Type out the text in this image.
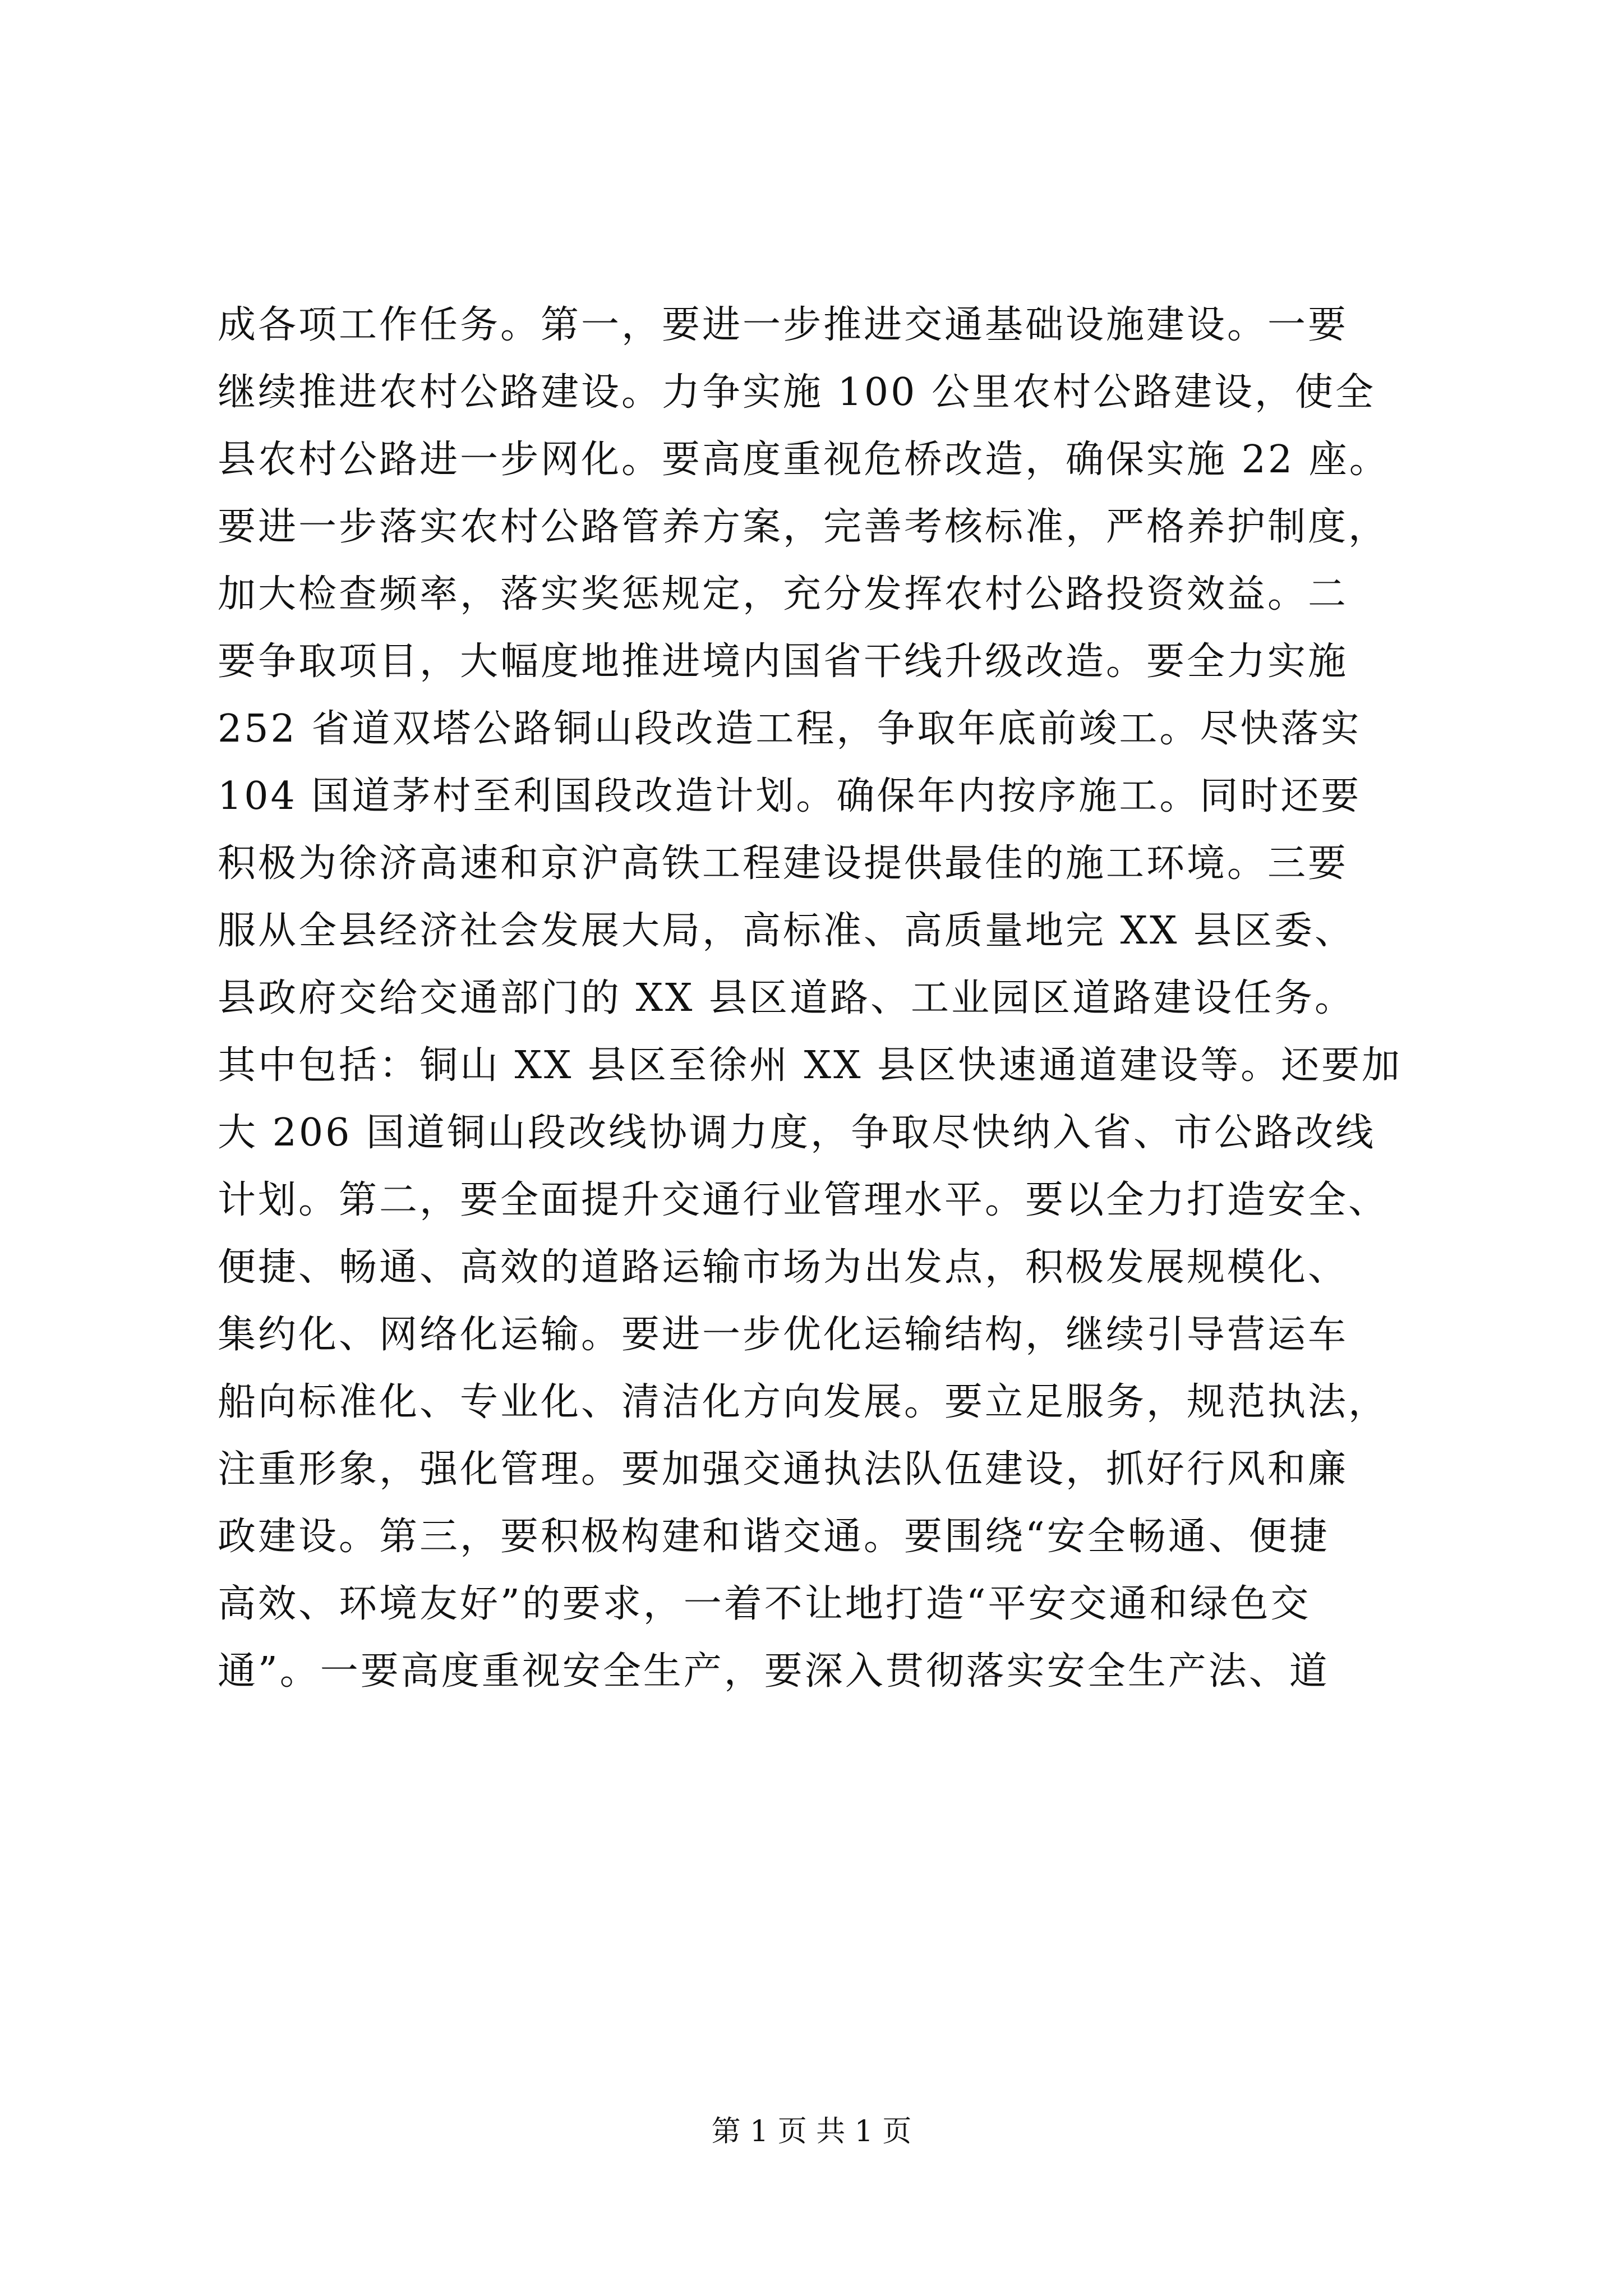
成各项工作任务。第一，要进一步推进交通基础设施建设。一要
继续推进农村公路建设。力争实施 100 公里农村公路建设，使全
县农村公路进一步网化。要高度重视危桥改造，确保实施 22 座。
要进一步落实农村公路管养方案，完善考核标准，严格养护制度，
加大检查频率，落实奖惩规定，充分发挥农村公路投资效益。二
要争取项目，大幅度地推进境内国省干线升级改造。要全力实施
252 省道双塔公路铜山段改造工程，争取年底前竣工。尽快落实
104 国道茅村至利国段改造计划。确保年内按序施工。同时还要
积极为徐济高速和京沪高铁工程建设提供最佳的施工环境。三要
服从全县经济社会发展大局，高标准、高质量地完 XX 县区委、
县政府交给交通部门的 XX 县区道路、工业园区道路建设任务。
其中包括：铜山 XX 县区至徐州 XX 县区快速通道建设等。还要加
大 206 国道铜山段改线协调力度，争取尽快纳入省、市公路改线
计划。第二，要全面提升交通行业管理水平。要以全力打造安全、
便捷、畅通、高效的道路运输市场为出发点，积极发展规模化、
集约化、网络化运输。要进一步优化运输结构，继续引导营运车
船向标准化、专业化、清洁化方向发展。要立足服务，规范执法，
注重形象，强化管理。要加强交通执法队伍建设，抓好行风和廉
政建设。第三，要积极构建和谐交通。要围绕“安全畅通、便捷
高效、环境友好”的要求，一着不让地打造“平安交通和绿色交
通”。一要高度重视安全生产，要深入贯彻落实安全生产法、道
第 1 页 共 1 页
